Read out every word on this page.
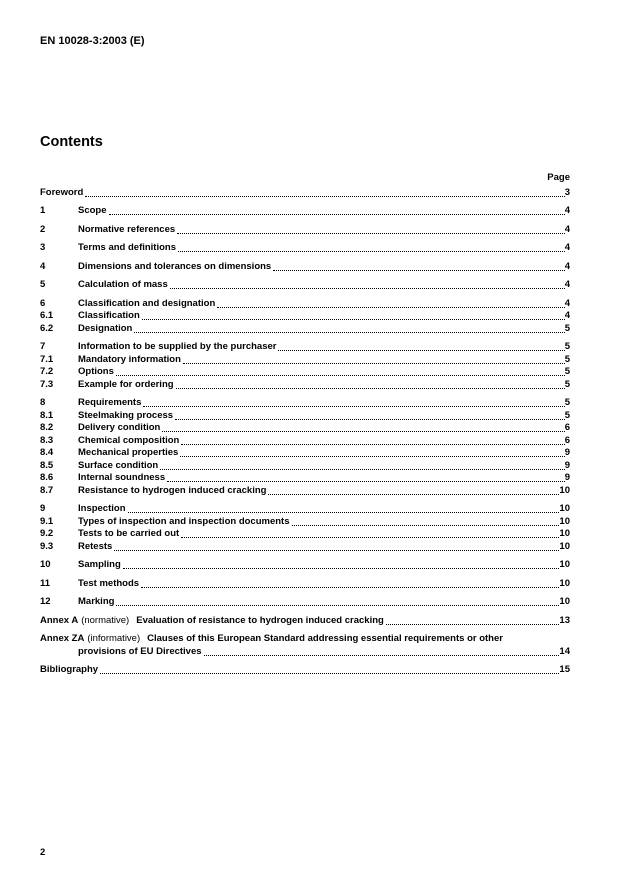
EN 10028-3:2003 (E)
Contents
Page
Foreword	3
1	Scope	4
2	Normative references	4
3	Terms and definitions	4
4	Dimensions and tolerances on dimensions	4
5	Calculation of mass	4
6	Classification and designation	4
6.1	Classification	4
6.2	Designation	5
7	Information to be supplied by the purchaser	5
7.1	Mandatory information	5
7.2	Options	5
7.3	Example for ordering	5
8	Requirements	5
8.1	Steelmaking process	5
8.2	Delivery condition	6
8.3	Chemical composition	6
8.4	Mechanical properties	9
8.5	Surface condition	9
8.6	Internal soundness	9
8.7	Resistance to hydrogen induced cracking	10
9	Inspection	10
9.1	Types of inspection and inspection documents	10
9.2	Tests to be carried out	10
9.3	Retests	10
10	Sampling	10
11	Test methods	10
12	Marking	10
Annex A (normative) Evaluation of resistance to hydrogen induced cracking	13
Annex ZA (informative) Clauses of this European Standard addressing essential requirements or other
provisions of EU Directives	14
Bibliography	15
2
